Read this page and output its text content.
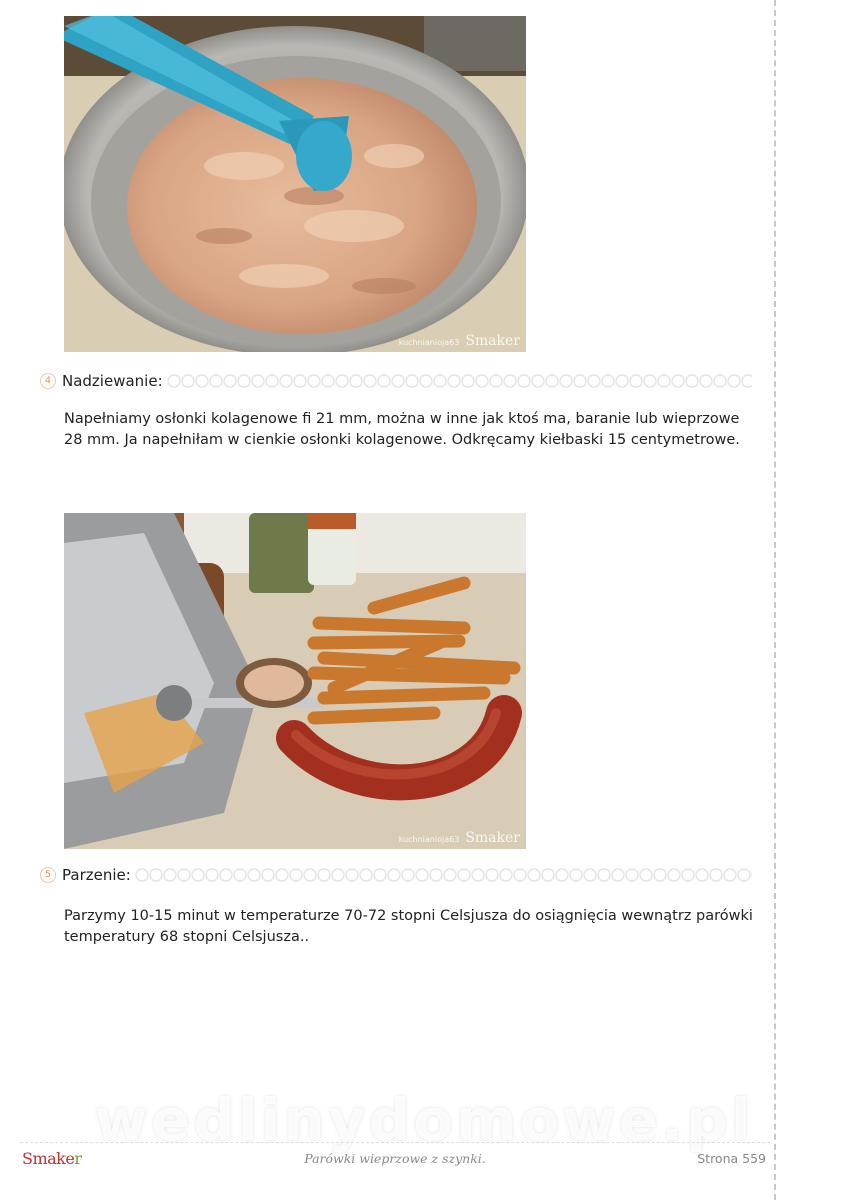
kuchnianioja63 Smaker
4 Nadziewanie:
Napełniamy osłonki kolagenowe fi 21 mm, można w inne jak ktoś ma, baranie lub wieprzowe 28 mm. Ja napełniłam w cienkie osłonki kolagenowe. Odkręcamy kiełbaski 15 centymetrowe.
kuchnianioja63 Smaker
5 Parzenie:
Parzymy 10-15 minut w temperaturze 70-72 stopni Celsjusza do osiągnięcia wewnątrz parówki temperatury 68 stopni Celsjusza..
wedlinydomowe.pl
Smaker	Parówki wieprzowe z szynki.	Strona 559
